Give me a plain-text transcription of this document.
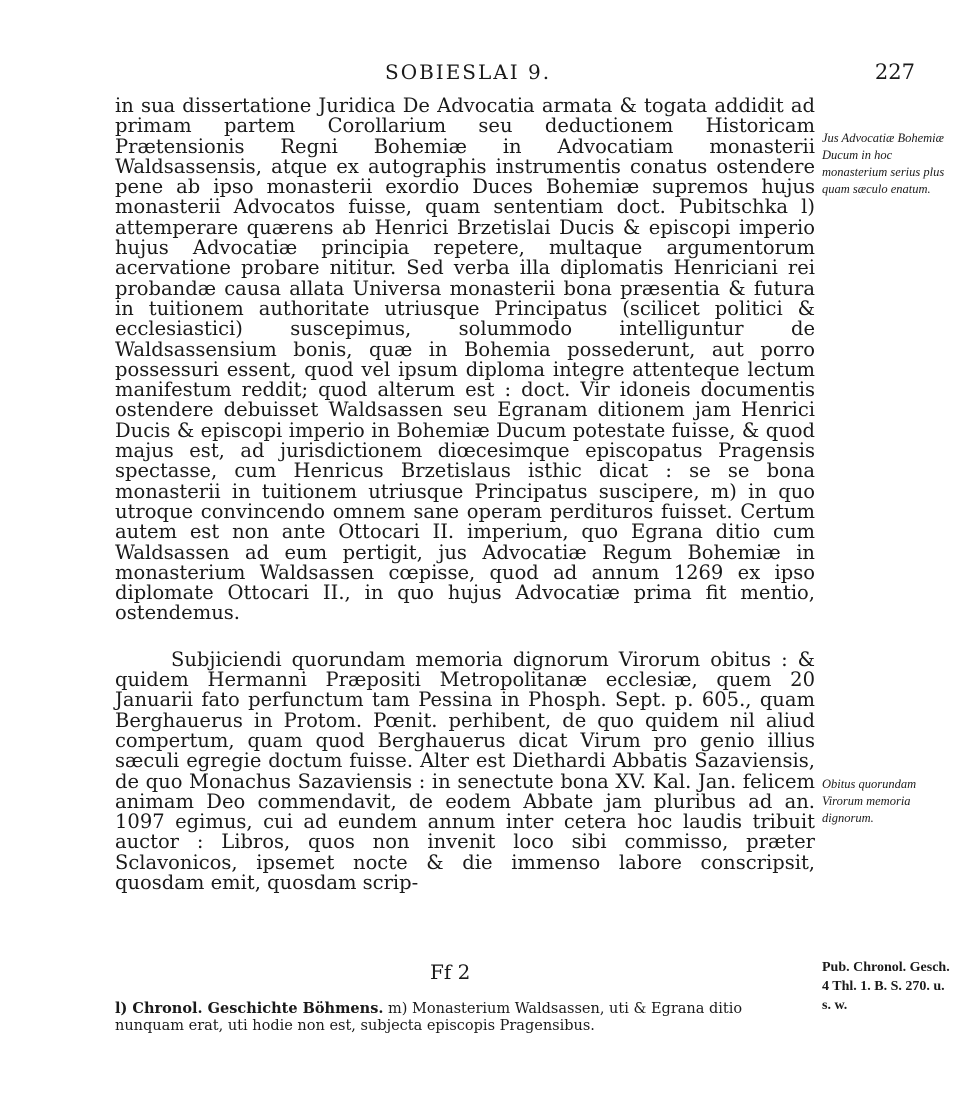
SOBIESLAI 9.	227

in sua dissertatione Juridica De Advocatia armata & togata addidit ad primam partem Corollarium seu deductionem Historicam Prætensionis Regni Bohemiæ in Advocatiam monasterii Waldsassensis, atque ex autographis instrumentis conatus ostendere pene ab ipso monasterii exordio Duces Bohemiæ supremos hujus monasterii Advocatos fuisse, quam sententiam doct. Pubitschka l) attemperare quærens ab Henrici Brzetislai Ducis & episcopi imperio hujus Advocatiæ principia repetere, multaque argumentorum acervatione probare nititur. Sed verba illa diplomatis Henriciani rei probandæ causa allata Universa monasterii bona præsentia & futura in tuitionem authoritate utriusque Principatus (scilicet politici & ecclesiastici) suscepimus, solummodo intelliguntur de Waldsassensium bonis, quæ in Bohemia possederunt, aut porro possessuri essent, quod vel ipsum diploma integre attenteque lectum manifestum reddit; quod alterum est : doct. Vir idoneis documentis ostendere debuisset Waldsassen seu Egranam ditionem jam Henrici Ducis & episcopi imperio in Bohemiæ Ducum potestate fuisse, & quod majus est, ad jurisdictionem diœcesimque episcopatus Pragensis spectasse, cum Henricus Brzetislaus isthic dicat : se se bona monasterii in tuitionem utriusque Principatus suscipere, m) in quo utroque convincendo omnem sane operam perdituros fuisset. Certum autem est non ante Ottocari II. imperium, quo Egrana ditio cum Waldsassen ad eum pertigit, jus Advocatiæ Regum Bohemiæ in monasterium Waldsassen cœpisse, quod ad annum 1269 ex ipso diplomate Ottocari II., in quo hujus Advocatiæ prima fit mentio, ostendemus.

Subjiciendi quorundam memoria dignorum Virorum obitus : & quidem Hermanni Præpositi Metropolitanæ ecclesiæ, quem 20 Januarii fato perfunctum tam Pessina in Phosph. Sept. p. 605., quam Berghauerus in Protom. Pœnit. perhibent, de quo quidem nil aliud compertum, quam quod Berghauerus dicat Virum pro genio illius sæculi egregie doctum fuisse. Alter est Diethardi Abbatis Sazaviensis, de quo Monachus Sazaviensis : in senectute bona XV. Kal. Jan. felicem animam Deo commendavit, de eodem Abbate jam pluribus ad an. 1097 egimus, cui ad eundem annum inter cetera hoc laudis tribuit auctor : Libros, quos non invenit loco sibi commisso, præter Sclavonicos, ipsemet nocte & die immenso labore conscripsit, quosdam emit, quosdam scrip-

Jus Advocatiæ Bohemiæ Ducum in hoc monasterium serius plus quam sæculo enatum.
Obitus quorundam Virorum memoria dignorum.
Pub. Chronol. Gesch. 4 Thl. 1. B. S. 270. u. s. w.
Ff 2
l) Chronol. Geschichte Böhmens. m) Monasterium Waldsassen, uti & Egrana ditio nunquam erat, uti hodie non est, subjecta episcopis Pragensibus.
